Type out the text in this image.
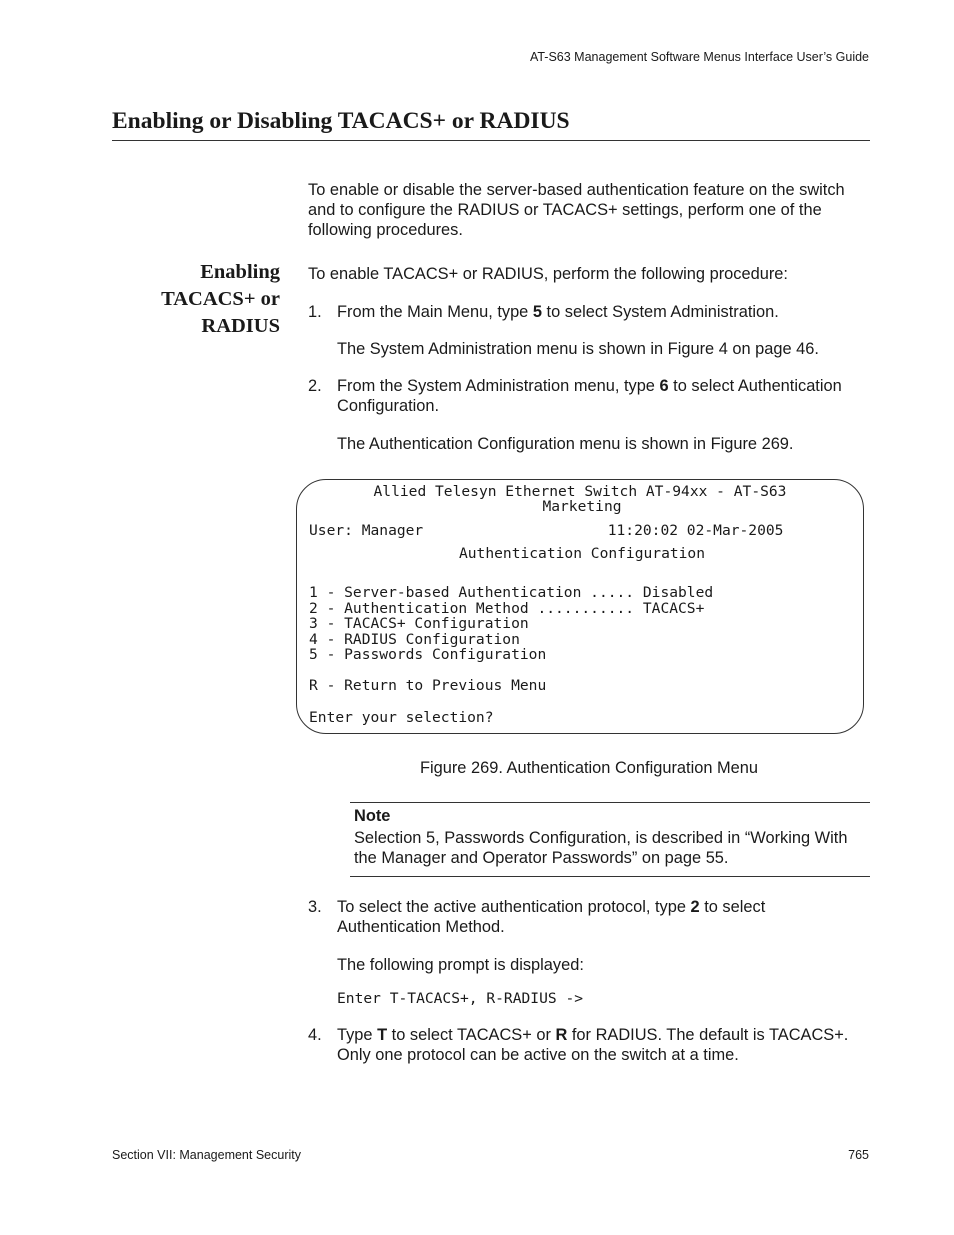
AT-S63 Management Software Menus Interface User’s Guide
Enabling or Disabling TACACS+ or RADIUS

To enable or disable the server-based authentication feature on the switch and to configure the RADIUS or TACACS+ settings, perform one of the following procedures.

Enabling
TACACS+ or
RADIUS

To enable TACACS+ or RADIUS, perform the following procedure:

1. From the Main Menu, type 5 to select System Administration.
The System Administration menu is shown in Figure 4 on page 46.
2. From the System Administration menu, type 6 to select Authentication Configuration.
The Authentication Configuration menu is shown in Figure 269.
Allied Telesyn Ethernet Switch AT-94xx - AT-S63
Marketing
User: Manager                     11:20:02 02-Mar-2005
Authentication Configuration
1 - Server-based Authentication ..... Disabled
2 - Authentication Method ........... TACACS+
3 - TACACS+ Configuration
4 - RADIUS Configuration
5 - Passwords Configuration
R - Return to Previous Menu
Enter your selection?
Figure 269. Authentication Configuration Menu
Note
Selection 5, Passwords Configuration, is described in “Working With the Manager and Operator Passwords” on page 55.
3. To select the active authentication protocol, type 2 to select Authentication Method.
The following prompt is displayed:
Enter T-TACACS+, R-RADIUS ->
4. Type T to select TACACS+ or R for RADIUS. The default is TACACS+. Only one protocol can be active on the switch at a time.
Section VII: Management Security	765
